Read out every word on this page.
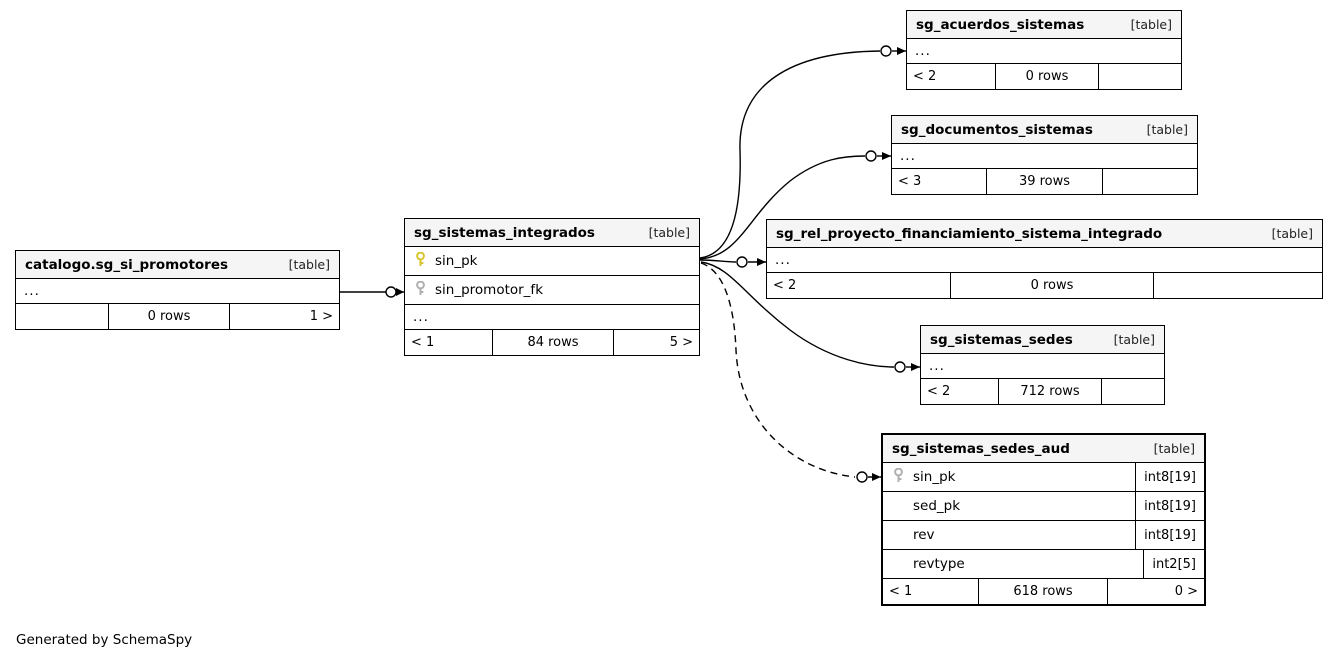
sg_acuerdos_sistemas	[table]
...
< 2	0 rows
sg_documentos_sistemas	[table]
...
< 3	39 rows
sg_rel_proyecto_financiamiento_sistema_integrado	[table]
...
< 2	0 rows
sg_sistemas_sedes	[table]
...
< 2	712 rows
sg_sistemas_integrados	[table]
sin_pk
sin_promotor_fk
...
< 1	84 rows	5 >
catalogo.sg_si_promotores	[table]
...
0 rows	1 >
sg_sistemas_sedes_aud	[table]
sin_pk	int8[19]
sed_pk	int8[19]
rev	int8[19]
revtype	int2[5]
< 1	618 rows	0 >
Generated by SchemaSpy
